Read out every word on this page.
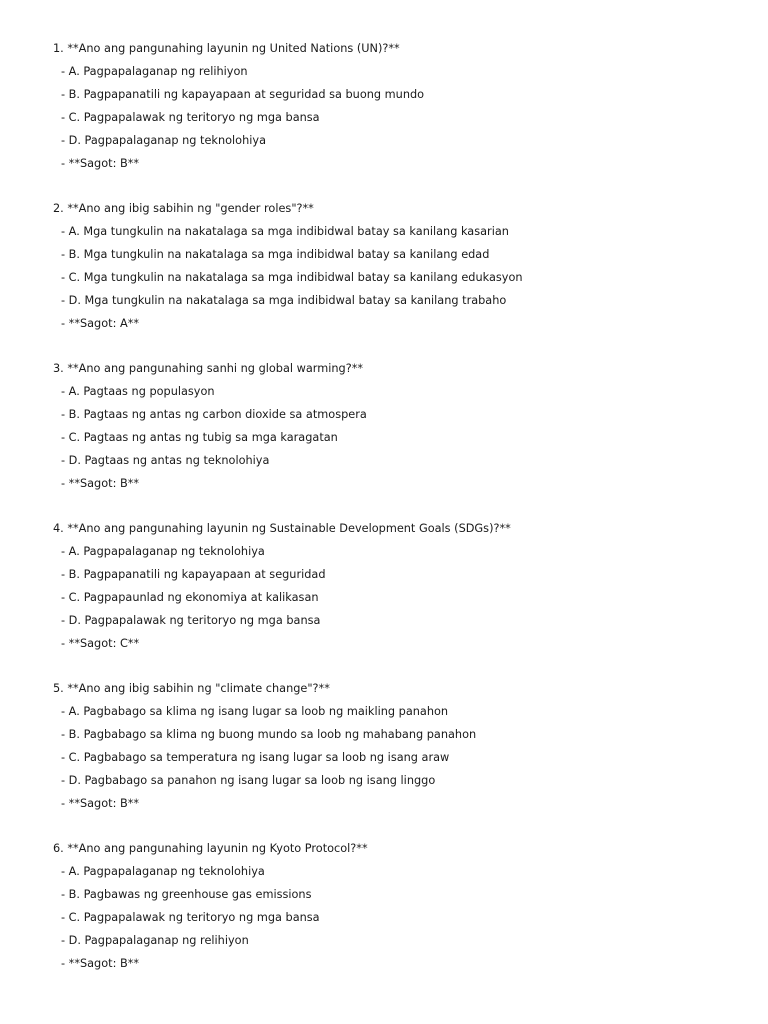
1. **Ano ang pangunahing layunin ng United Nations (UN)?**
- A. Pagpapalaganap ng relihiyon
- B. Pagpapanatili ng kapayapaan at seguridad sa buong mundo
- C. Pagpapalawak ng teritoryo ng mga bansa
- D. Pagpapalaganap ng teknolohiya
- **Sagot: B**
2. **Ano ang ibig sabihin ng "gender roles"?**
- A. Mga tungkulin na nakatalaga sa mga indibidwal batay sa kanilang kasarian
- B. Mga tungkulin na nakatalaga sa mga indibidwal batay sa kanilang edad
- C. Mga tungkulin na nakatalaga sa mga indibidwal batay sa kanilang edukasyon
- D. Mga tungkulin na nakatalaga sa mga indibidwal batay sa kanilang trabaho
- **Sagot: A**
3. **Ano ang pangunahing sanhi ng global warming?**
- A. Pagtaas ng populasyon
- B. Pagtaas ng antas ng carbon dioxide sa atmospera
- C. Pagtaas ng antas ng tubig sa mga karagatan
- D. Pagtaas ng antas ng teknolohiya
- **Sagot: B**
4. **Ano ang pangunahing layunin ng Sustainable Development Goals (SDGs)?**
- A. Pagpapalaganap ng teknolohiya
- B. Pagpapanatili ng kapayapaan at seguridad
- C. Pagpapaunlad ng ekonomiya at kalikasan
- D. Pagpapalawak ng teritoryo ng mga bansa
- **Sagot: C**
5. **Ano ang ibig sabihin ng "climate change"?**
- A. Pagbabago sa klima ng isang lugar sa loob ng maikling panahon
- B. Pagbabago sa klima ng buong mundo sa loob ng mahabang panahon
- C. Pagbabago sa temperatura ng isang lugar sa loob ng isang araw
- D. Pagbabago sa panahon ng isang lugar sa loob ng isang linggo
- **Sagot: B**
6. **Ano ang pangunahing layunin ng Kyoto Protocol?**
- A. Pagpapalaganap ng teknolohiya
- B. Pagbawas ng greenhouse gas emissions
- C. Pagpapalawak ng teritoryo ng mga bansa
- D. Pagpapalaganap ng relihiyon
- **Sagot: B**
